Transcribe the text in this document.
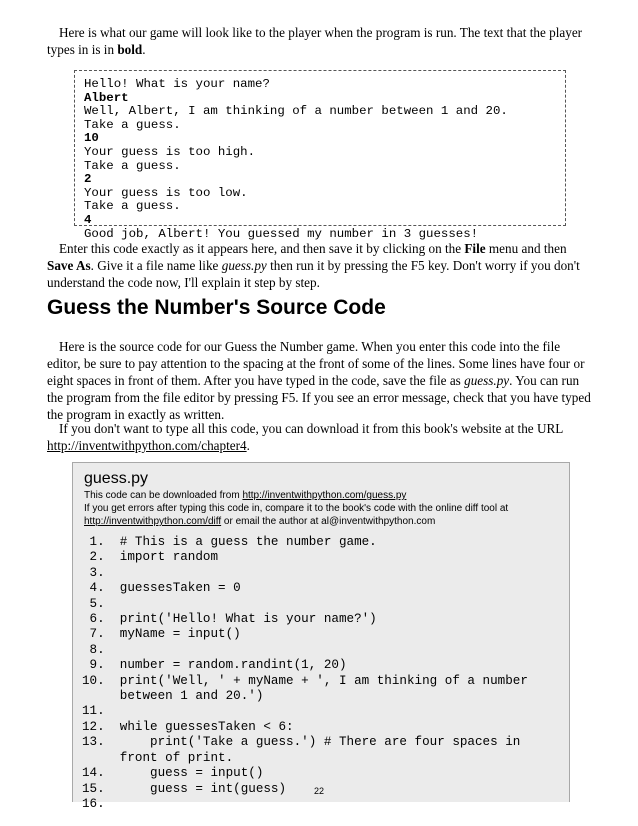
Here is what our game will look like to the player when the program is run. The text that the player types in is in bold.

Hello! What is your name?
Albert
Well, Albert, I am thinking of a number between 1 and 20.
Take a guess.
10
Your guess is too high.
Take a guess.
2
Your guess is too low.
Take a guess.
4
Good job, Albert! You guessed my number in 3 guesses!

Enter this code exactly as it appears here, and then save it by clicking on the File menu and then Save As. Give it a file name like guess.py then run it by pressing the F5 key. Don't worry if you don't understand the code now, I'll explain it step by step.

Guess the Number's Source Code

Here is the source code for our Guess the Number game. When you enter this code into the file editor, be sure to pay attention to the spacing at the front of some of the lines. Some lines have four or eight spaces in front of them. After you have typed in the code, save the file as guess.py. You can run the program from the file editor by pressing F5. If you see an error message, check that you have typed the program in exactly as written.

If you don't want to type all this code, you can download it from this book's website at the URL http://inventwithpython.com/chapter4.

guess.py
This code can be downloaded from http://inventwithpython.com/guess.py
If you get errors after typing this code in, compare it to the book's code with the online diff tool at http://inventwithpython.com/diff or email the author at al@inventwithpython.com
1.  # This is a guess the number game.
2.  import random
3.
4.  guessesTaken = 0
5.
6.  print('Hello! What is your name?')
7.  myName = input()
8.
9.  number = random.randint(1, 20)
10.  print('Well, ' + myName + ', I am thinking of a number
between 1 and 20.')
11.
12.  while guessesTaken < 6:
13.      print('Take a guess.') # There are four spaces in
front of print.
14.      guess = input()
15.      guess = int(guess)
16.
22
